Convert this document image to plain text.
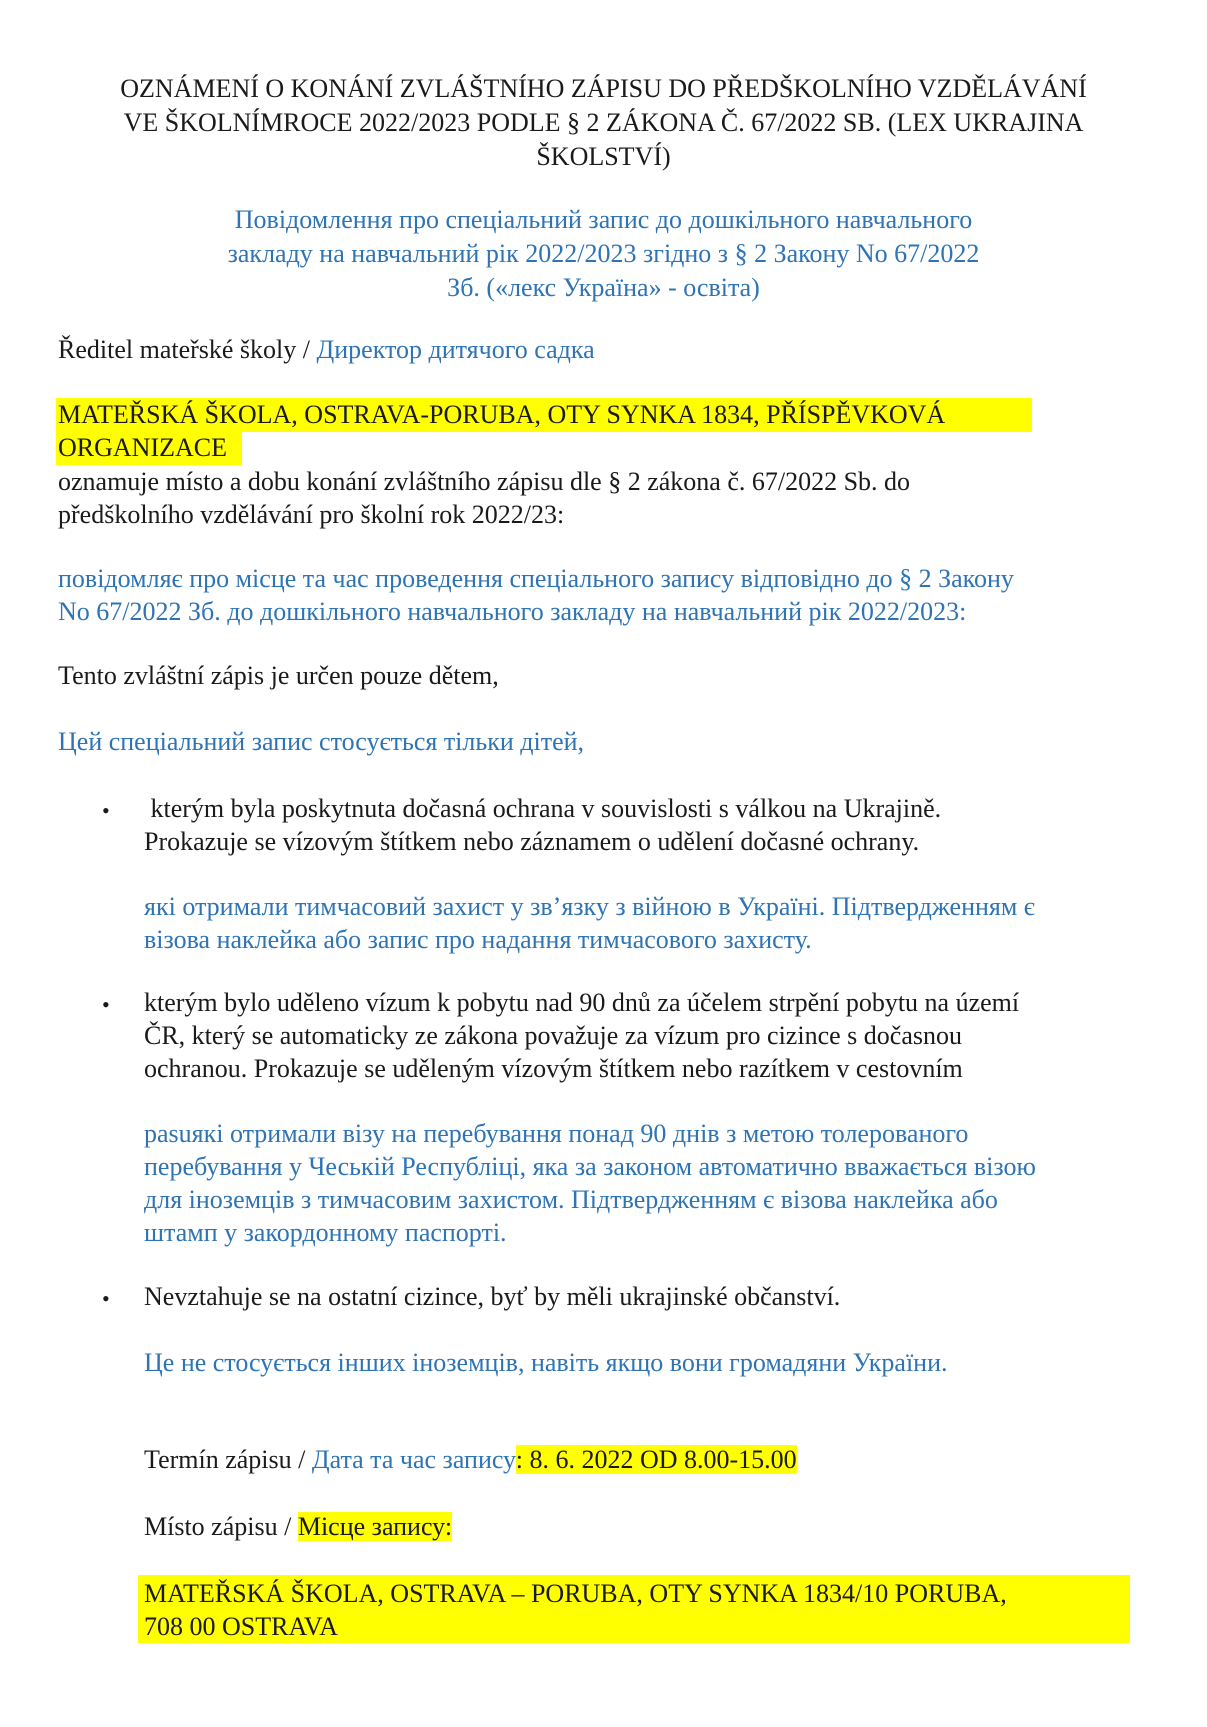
OZNÁMENÍ O KONÁNÍ ZVLÁŠTNÍHO ZÁPISU DO PŘEDŠKOLNÍHO VZDĚLÁVÁNÍ
VE ŠKOLNÍMROCE 2022/2023 PODLE § 2 ZÁKONA Č. 67/2022 SB. (LEX UKRAJINA
ŠKOLSTVÍ)
Повідомлення про спеціальний запис до дошкільного навчального
закладу на навчальний рік 2022/2023 згідно з § 2 Закону No 67/2022
Зб. («лекс Україна» - освіта)
Ředitel mateřské školy / Директор дитячого садка
MATEŘSKÁ ŠKOLA, OSTRAVA-PORUBA, OTY SYNKA 1834, PŘÍSPĚVKOVÁ
ORGANIZACE
oznamuje místo a dobu konání zvláštního zápisu dle § 2 zákona č. 67/2022 Sb. do
předškolního vzdělávání pro školní rok 2022/23:
повідомляє про місце та час проведення спеціального запису відповідно до § 2 Закону
No 67/2022 Зб. до дошкільного навчального закладу на навчальний рік 2022/2023:
Tento zvláštní zápis je určen pouze dětem,
Цей спеціальний запис стосується тільки дітей,
• kterým byla poskytnuta dočasná ochrana v souvislosti s válkou na Ukrajině.
Prokazuje se vízovým štítkem nebo záznamem o udělení dočasné ochrany.
які отримали тимчасовий захист у зв’язку з війною в Україні. Підтвердженням є
візова наклейка або запис про надання тимчасового захисту.
• kterým bylo uděleno vízum k pobytu nad 90 dnů za účelem strpění pobytu na území
ČR, který se automaticky ze zákona považuje za vízum pro cizince s dočasnou
ochranou. Prokazuje se uděleným vízovým štítkem nebo razítkem v cestovním
pasuякі отримали візу на перебування понад 90 днів з метою толерованого
перебування у Чеській Республіці, яка за законом автоматично вважається візою
для іноземців з тимчасовим захистом. Підтвердженням є візова наклейка або
штамп у закордонному паспорті.
• Nevztahuje se na ostatní cizince, byť by měli ukrajinské občanství.
Це не стосується інших іноземців, навіть якщо вони громадяни України.
Termín zápisu / Дата та час запису: 8. 6. 2022 OD 8.00-15.00
Místo zápisu / Місце запису:
MATEŘSKÁ ŠKOLA, OSTRAVA – PORUBA, OTY SYNKA 1834/10 PORUBA,
708 00 OSTRAVA
